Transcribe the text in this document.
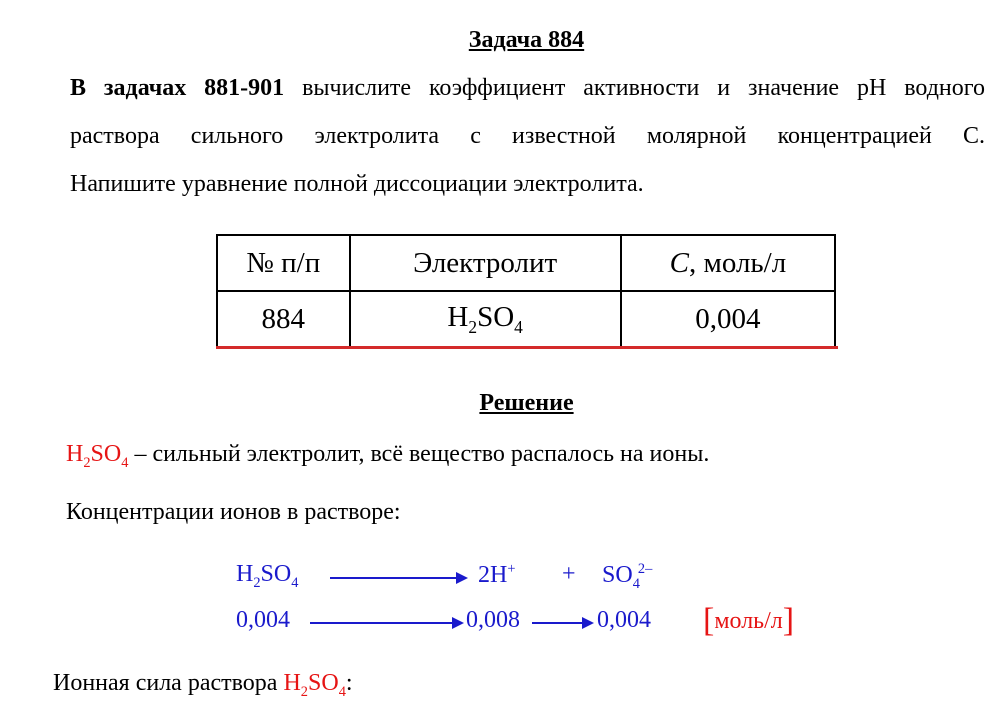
Задача 884
В задачах 881-901 вычислите коэффициент активности и значение pH водного
раствора сильного электролита с известной молярной концентрацией С.
Напишите уравнение полной диссоциации электролита.
№ п/п	Электролит	C, моль/л
884	$H_2SO_4$	0,004
Решение
$H_2SO_4$ – сильный электролит, всё вещество распалось на ионы.
Концентрации ионов в растворе:
$H_2SO_4$	$2H^+ + SO_4^{2-}$
0,004	0,008	0,004 [моль/л]
Ионная сила раствора $H_2SO_4$:
